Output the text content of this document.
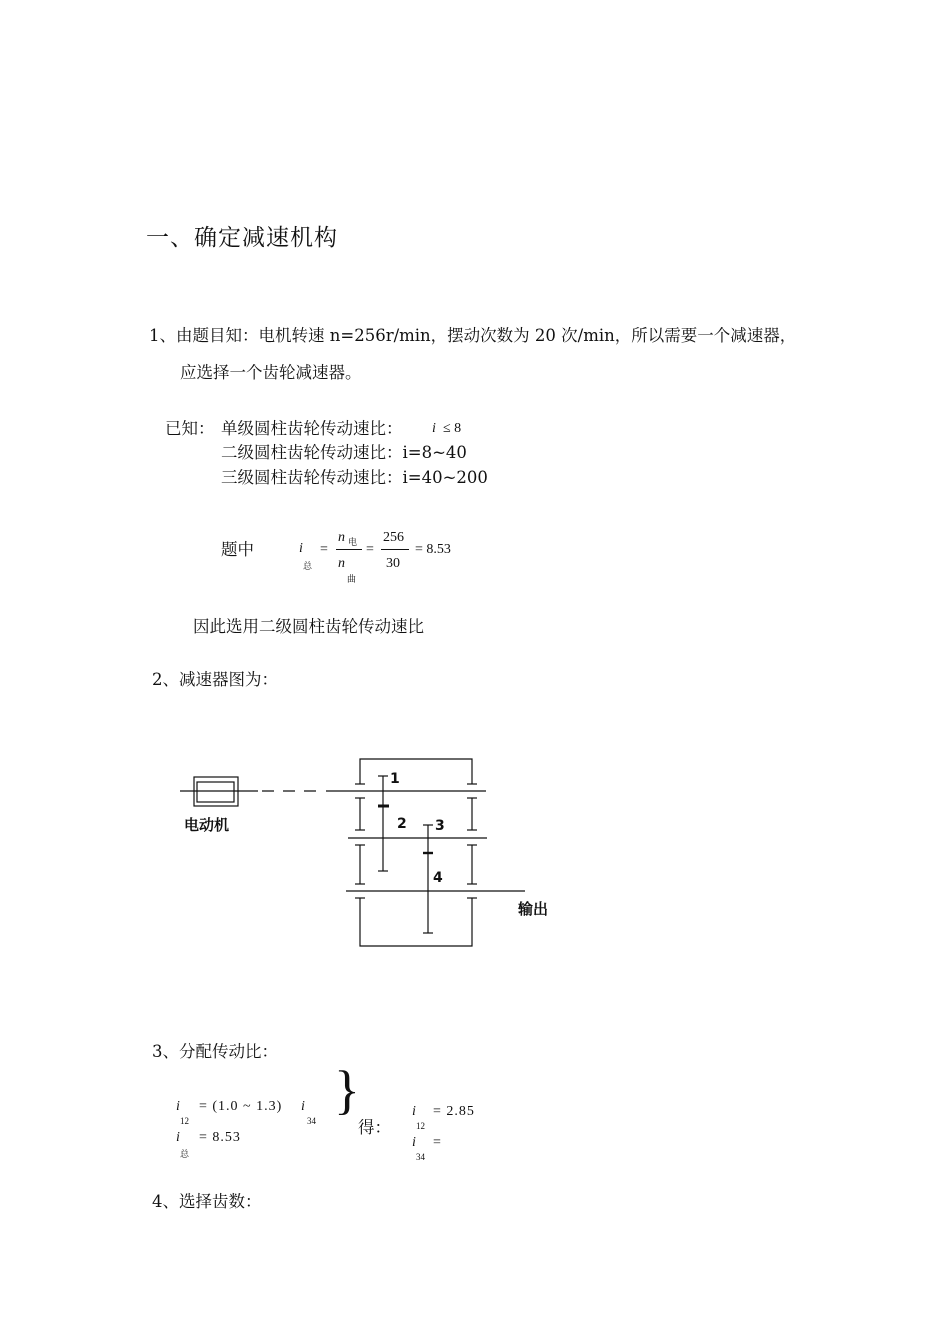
一、确定减速机构
1、由题目知：电机转速 n=256r/min，摆动次数为 20 次/min，所以需要一个减速器，
应选择一个齿轮减速器。
已知： 单级圆柱齿轮传动速比： i ≤ 8
二级圆柱齿轮传动速比：i=8~40
三级圆柱齿轮传动速比：i=40~200
题中	i
总
=
n 电
n
曲
=
256
30
= 8.53
因此选用二级圆柱齿轮传动速比
2、减速器图为：
电动机
输出
1
2 3
4
3、分配传动比：
i
12
= (1.0 ~ 1.3) i
34
i
总
= 8.53
}
得：
i
12
= 2.85
i
34
=
4、选择齿数：
